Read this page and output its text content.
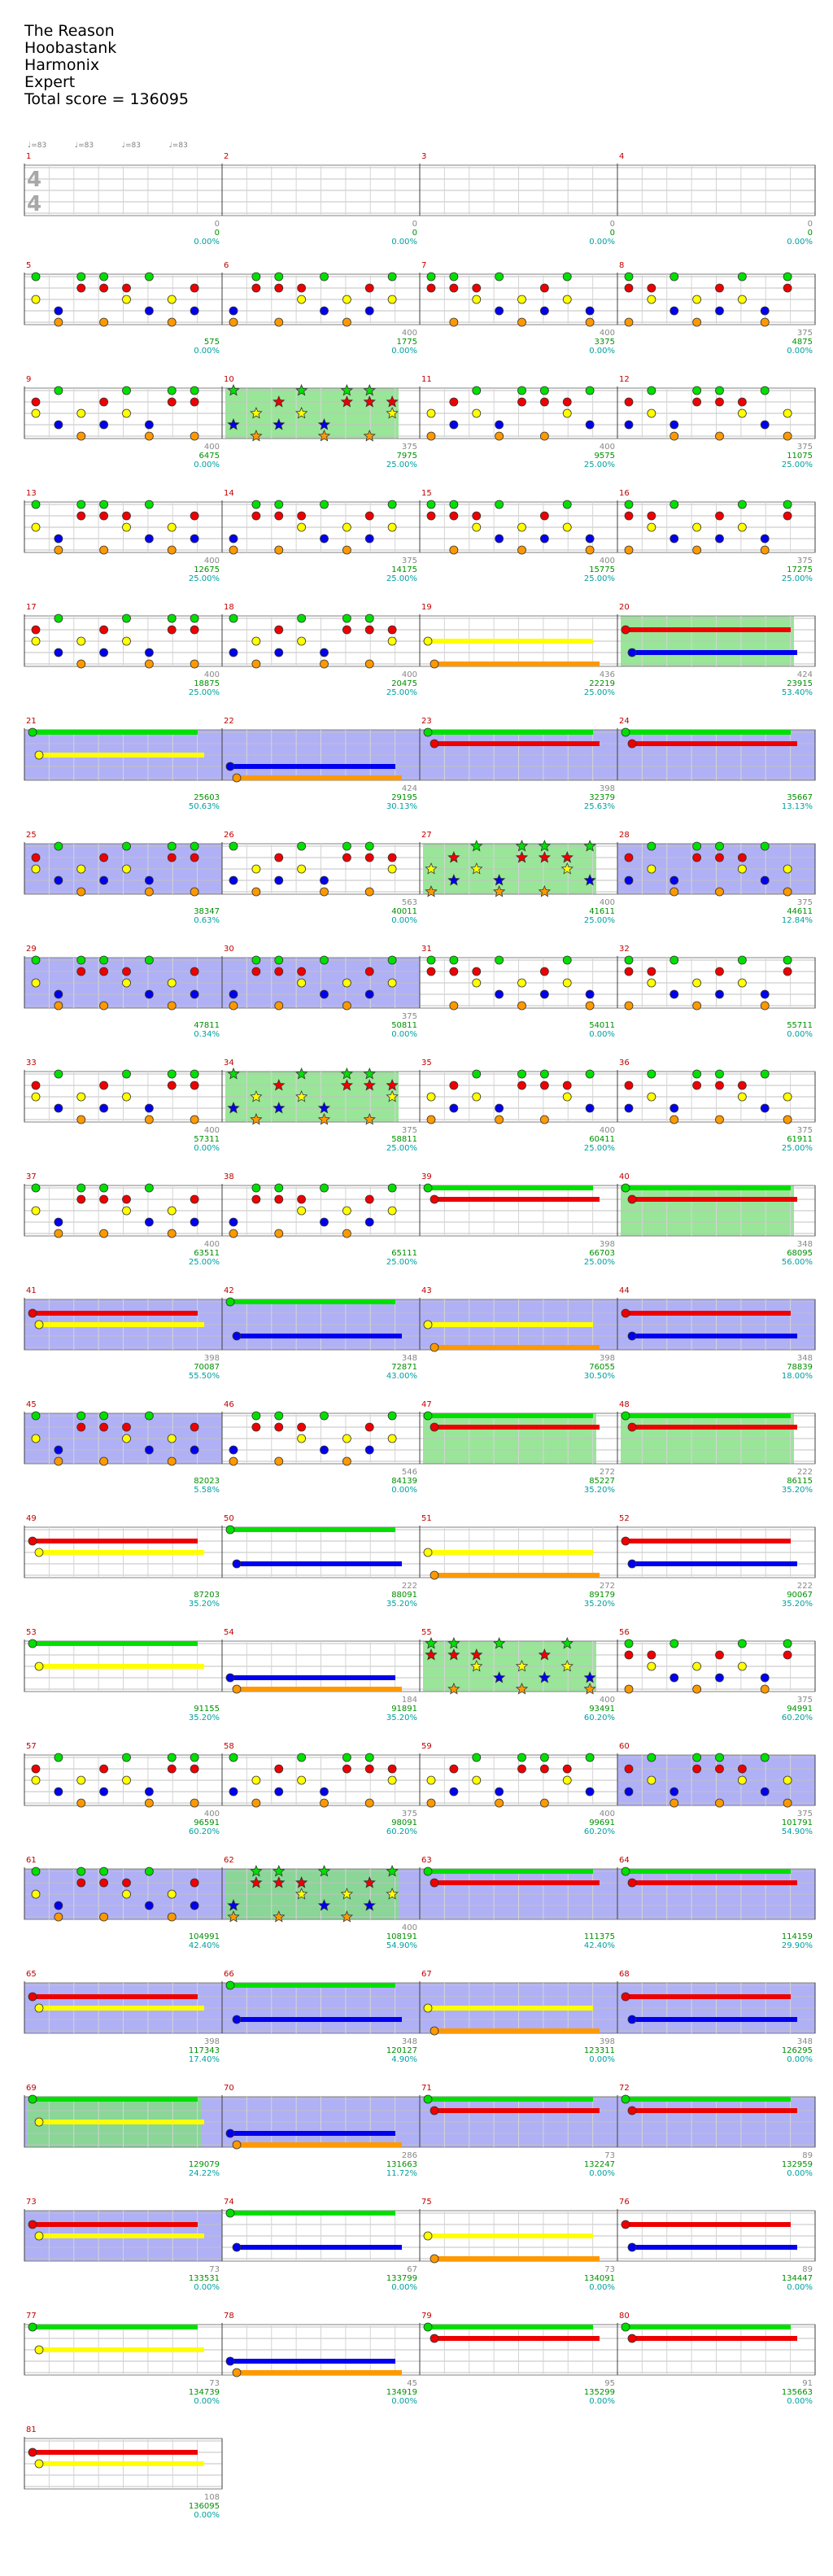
The Reason
Hoobastank
Harmonix
Expert
Total score = 136095
1
0
0
0.00%
2
0
0
0.00%
3
0
0
0.00%
4
0
0
0.00%
5
575
0.00%
6
400
1775
0.00%
7
400
3375
0.00%
8
375
4875
0.00%
9
400
6475
0.00%
10
375
7975
25.00%
11
400
9575
25.00%
12
375
11075
25.00%
13
400
12675
25.00%
14
375
14175
25.00%
15
400
15775
25.00%
16
375
17275
25.00%
17
400
18875
25.00%
18
400
20475
25.00%
19
436
22219
25.00%
20
424
23915
53.40%
21
25603
50.63%
22
424
29195
30.13%
23
398
32379
25.63%
24
35667
13.13%
25
38347
0.63%
26
563
40011
0.00%
27
400
41611
25.00%
28
375
44611
12.84%
29
47811
0.34%
30
375
50811
0.00%
31
54011
0.00%
32
55711
0.00%
33
400
57311
0.00%
34
375
58811
25.00%
35
400
60411
25.00%
36
375
61911
25.00%
37
400
63511
25.00%
38
65111
25.00%
39
398
66703
25.00%
40
348
68095
56.00%
41
398
70087
55.50%
42
348
72871
43.00%
43
398
76055
30.50%
44
348
78839
18.00%
45
82023
5.58%
46
546
84139
0.00%
47
272
85227
35.20%
48
222
86115
35.20%
49
87203
35.20%
50
222
88091
35.20%
51
272
89179
35.20%
52
222
90067
35.20%
53
91155
35.20%
54
184
91891
35.20%
55
400
93491
60.20%
56
375
94991
60.20%
57
400
96591
60.20%
58
375
98091
60.20%
59
400
99691
60.20%
60
375
101791
54.90%
61
104991
42.40%
62
400
108191
54.90%
63
111375
42.40%
64
114159
29.90%
65
398
117343
17.40%
66
348
120127
4.90%
67
398
123311
0.00%
68
348
126295
0.00%
69
129079
24.22%
70
286
131663
11.72%
71
73
132247
0.00%
72
89
132959
0.00%
73
73
133531
0.00%
74
67
133799
0.00%
75
73
134091
0.00%
76
89
134447
0.00%
77
73
134739
0.00%
78
45
134919
0.00%
79
95
135299
0.00%
80
91
135663
0.00%
81
108
136095
0.00%
4
4
♩=83	♩=83	♩=83	♩=83
